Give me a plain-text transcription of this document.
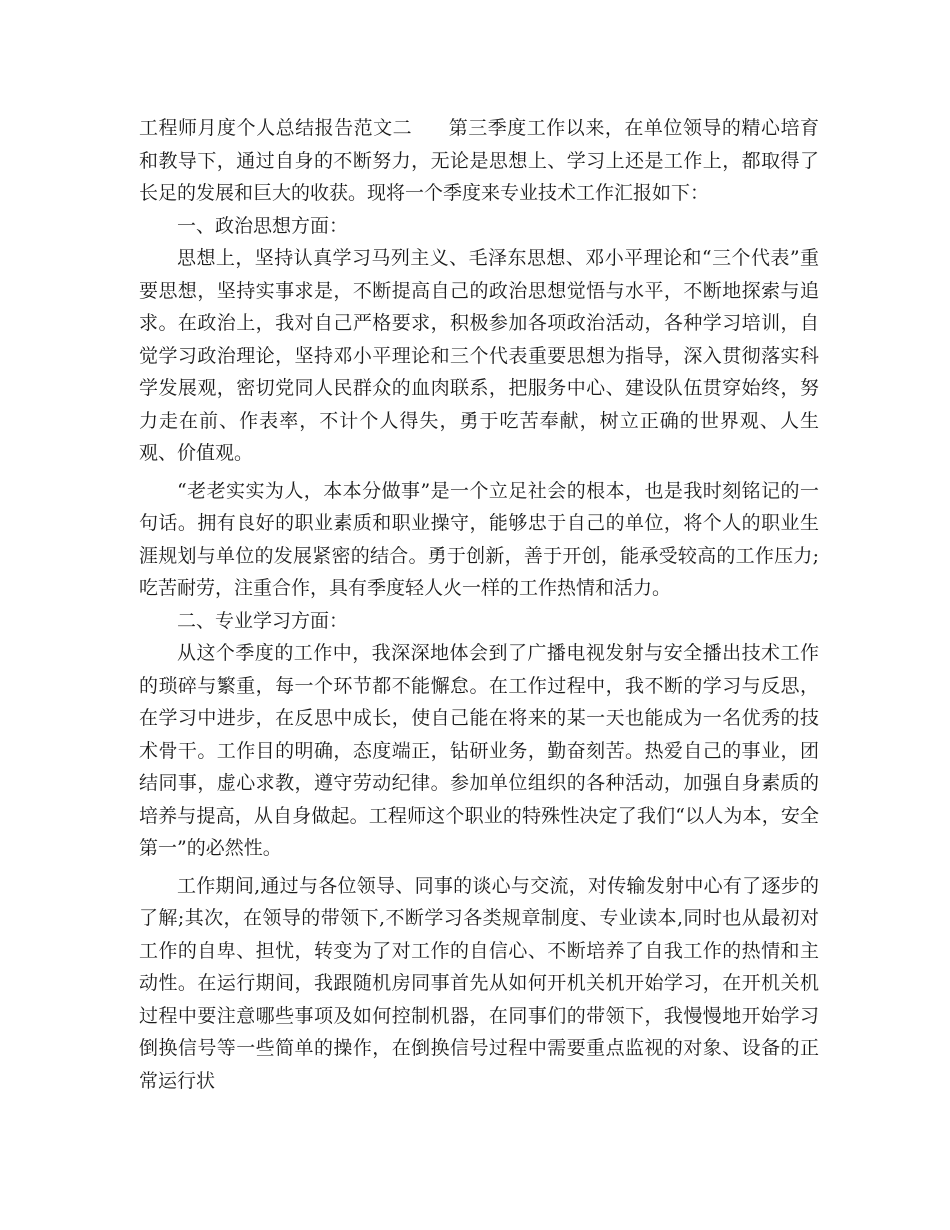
工程师月度个人总结报告范文二 第三季度工作以来，在单位领导的精心培育和教导下，通过自身的不断努力，无论是思想上、学习上还是工作上，都取得了长足的发展和巨大的收获。现将一个季度来专业技术工作汇报如下：

一、政治思想方面：

思想上，坚持认真学习马列主义、毛泽东思想、邓小平理论和“三个代表”重要思想，坚持实事求是，不断提高自己的政治思想觉悟与水平，不断地探索与追求。在政治上，我对自己严格要求，积极参加各项政治活动，各种学习培训，自觉学习政治理论，坚持邓小平理论和三个代表重要思想为指导，深入贯彻落实科学发展观，密切党同人民群众的血肉联系，把服务中心、建设队伍贯穿始终，努力走在前、作表率，不计个人得失，勇于吃苦奉献，树立正确的世界观、人生观、价值观。

“老老实实为人，本本分做事”是一个立足社会的根本，也是我时刻铭记的一句话。拥有良好的职业素质和职业操守，能够忠于自己的单位，将个人的职业生涯规划与单位的发展紧密的结合。勇于创新，善于开创，能承受较高的工作压力;吃苦耐劳，注重合作，具有季度轻人火一样的工作热情和活力。

二、专业学习方面：

从这个季度的工作中，我深深地体会到了广播电视发射与安全播出技术工作的琐碎与繁重，每一个环节都不能懈怠。在工作过程中，我不断的学习与反思，在学习中进步，在反思中成长，使自己能在将来的某一天也能成为一名优秀的技术骨干。工作目的明确，态度端正，钻研业务，勤奋刻苦。热爱自己的事业，团结同事，虚心求教，遵守劳动纪律。参加单位组织的各种活动，加强自身素质的培养与提高，从自身做起。工程师这个职业的特殊性决定了我们“以人为本，安全第一”的必然性。

工作期间,通过与各位领导、同事的谈心与交流，对传输发射中心有了逐步的了解;其次，在领导的带领下,不断学习各类规章制度、专业读本,同时也从最初对工作的自卑、担忧，转变为了对工作的自信心、不断培养了自我工作的热情和主动性。在运行期间，我跟随机房同事首先从如何开机关机开始学习，在开机关机过程中要注意哪些事项及如何控制机器，在同事们的带领下，我慢慢地开始学习倒换信号等一些简单的操作，在倒换信号过程中需要重点监视的对象、设备的正常运行状
